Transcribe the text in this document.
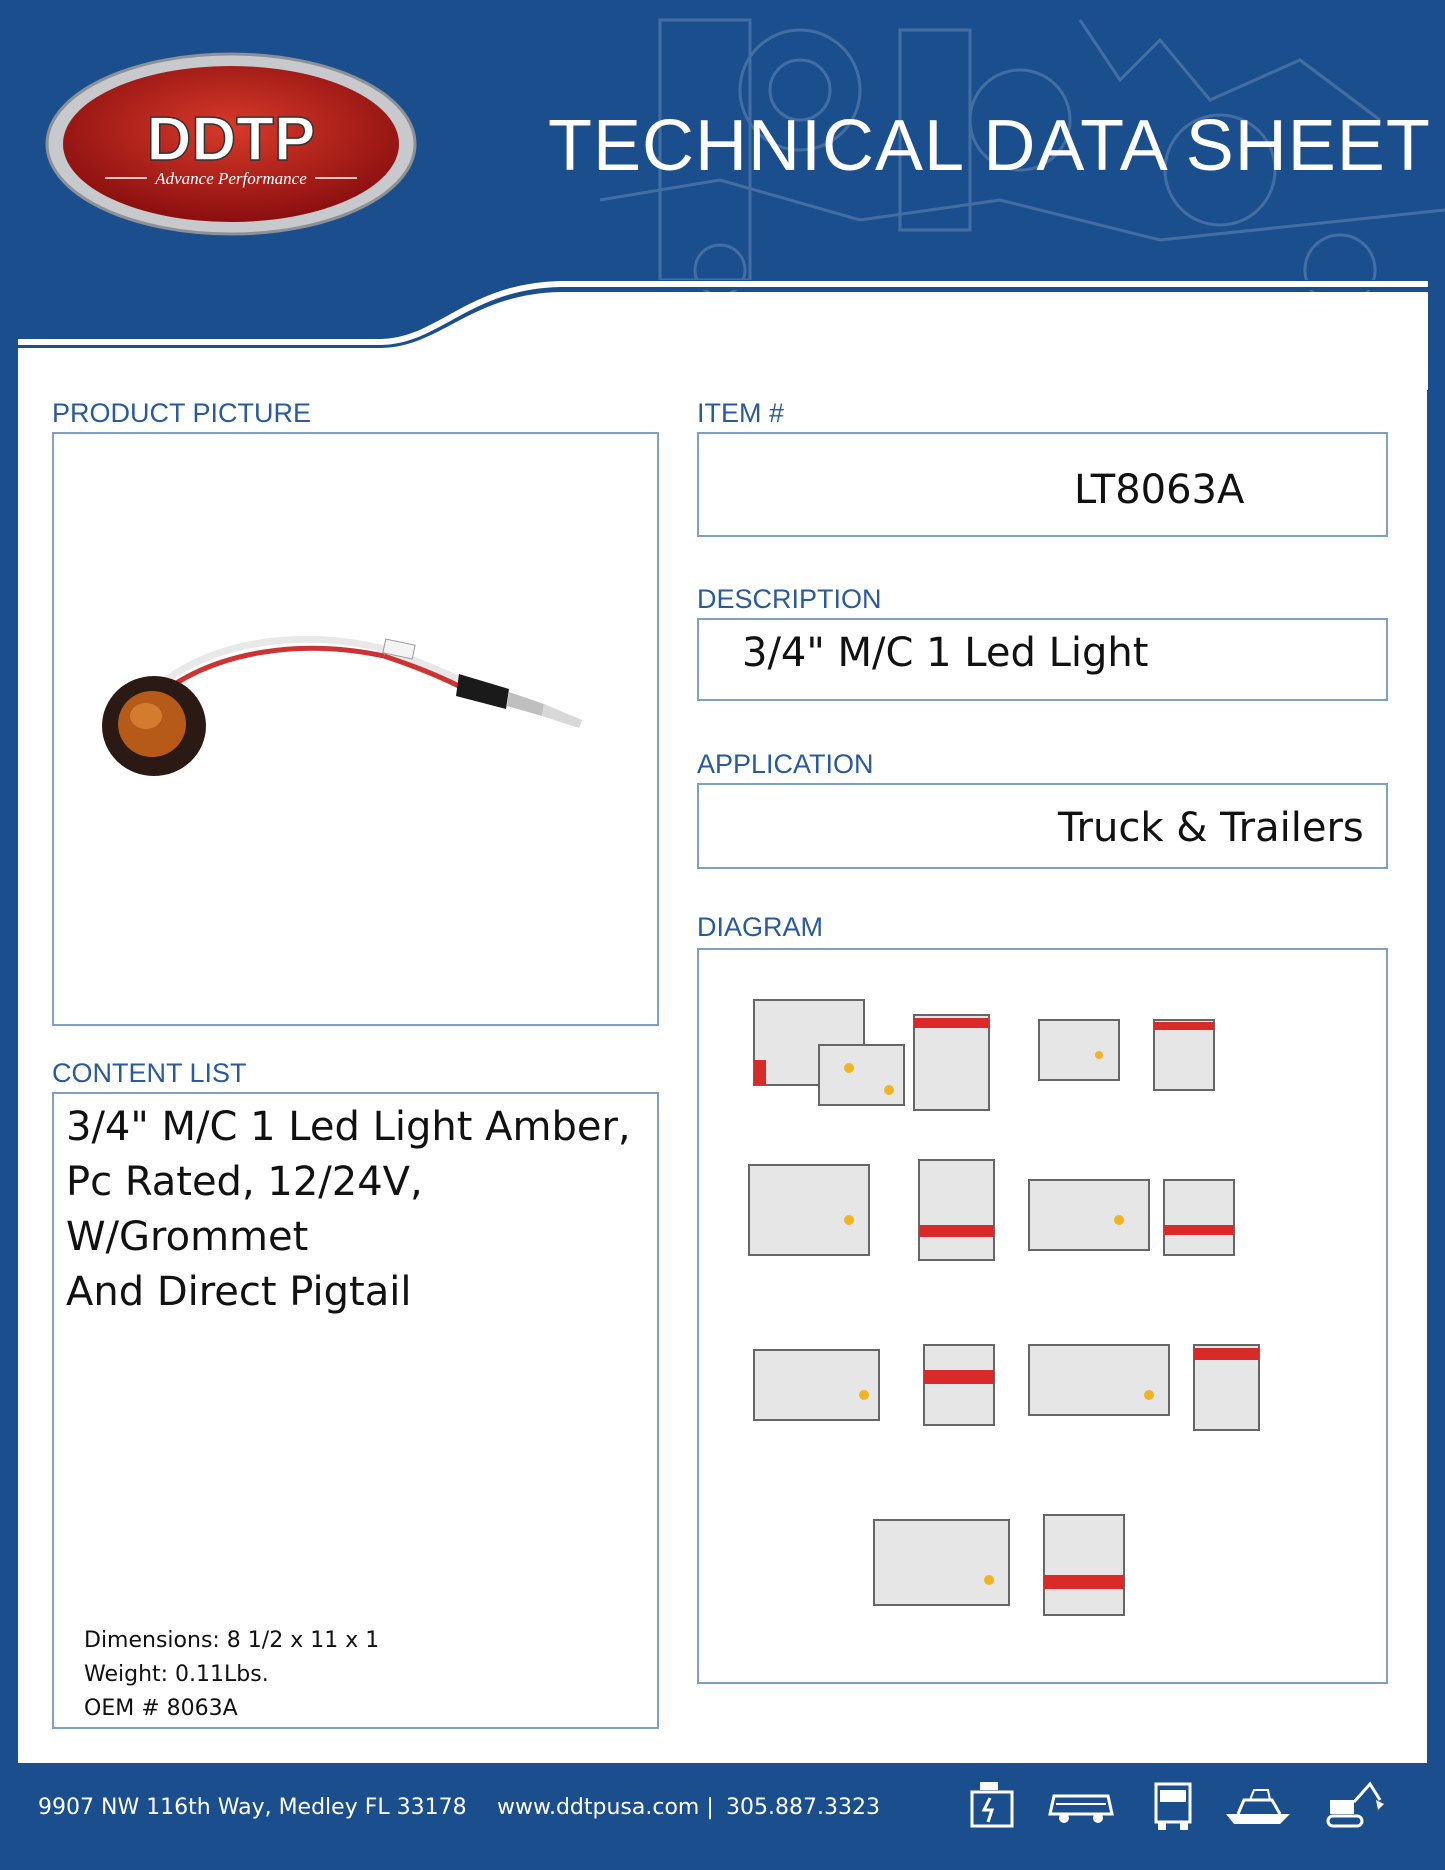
DDTP
Advance Performance	TECHNICAL DATA SHEET
PRODUCT PICTURE
CONTENT LIST
3/4" M/C 1 Led Light Amber,
Pc Rated, 12/24V, W/Grommet
And Direct Pigtail
Dimensions: 8 1/2 x 11 x 1
Weight: 0.11Lbs.
OEM # 8063A
ITEM #
LT8063A
DESCRIPTION
3/4" M/C 1 Led Light
APPLICATION
Truck & Trailers
DIAGRAM
9907 NW 116th Way, Medley FL 33178 www.ddtpusa.com | 305.887.3323
